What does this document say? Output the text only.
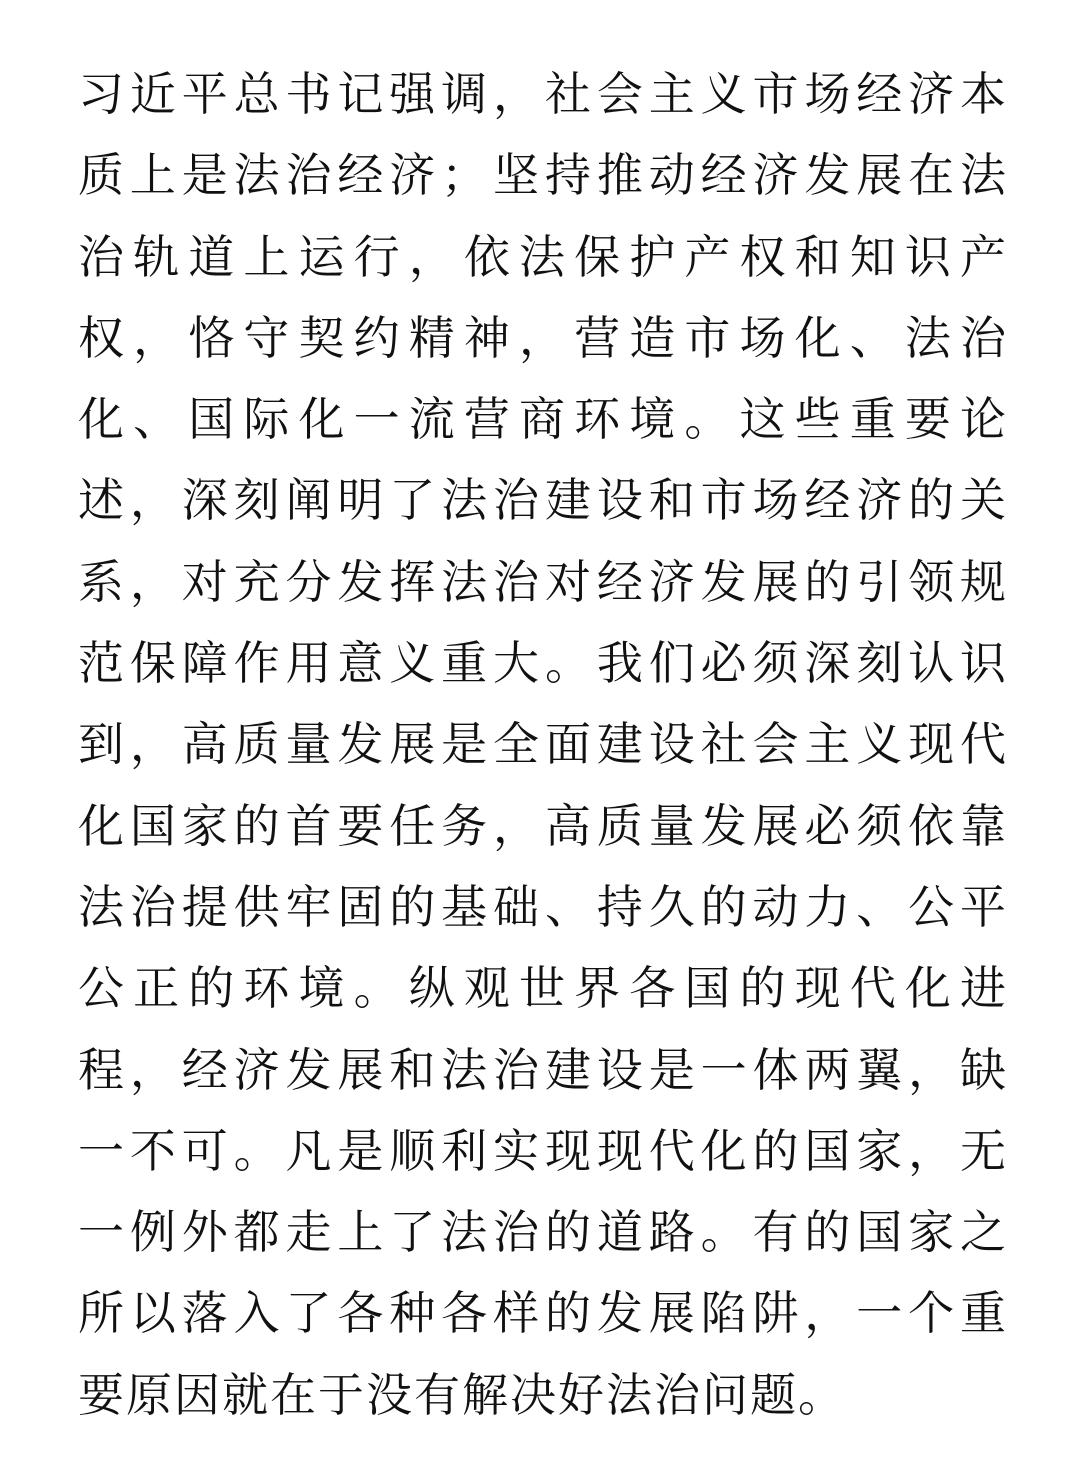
习近平总书记强调，社会主义市场经济本
质上是法治经济；坚持推动经济发展在法
治轨道上运行，依法保护产权和知识产
权，恪守契约精神，营造市场化、法治
化、国际化一流营商环境。这些重要论
述，深刻阐明了法治建设和市场经济的关
系，对充分发挥法治对经济发展的引领规
范保障作用意义重大。我们必须深刻认识
到，高质量发展是全面建设社会主义现代
化国家的首要任务，高质量发展必须依靠
法治提供牢固的基础、持久的动力、公平
公正的环境。纵观世界各国的现代化进
程，经济发展和法治建设是一体两翼，缺
一不可。凡是顺利实现现代化的国家，无
一例外都走上了法治的道路。有的国家之
所以落入了各种各样的发展陷阱，一个重
要原因就在于没有解决好法治问题。
